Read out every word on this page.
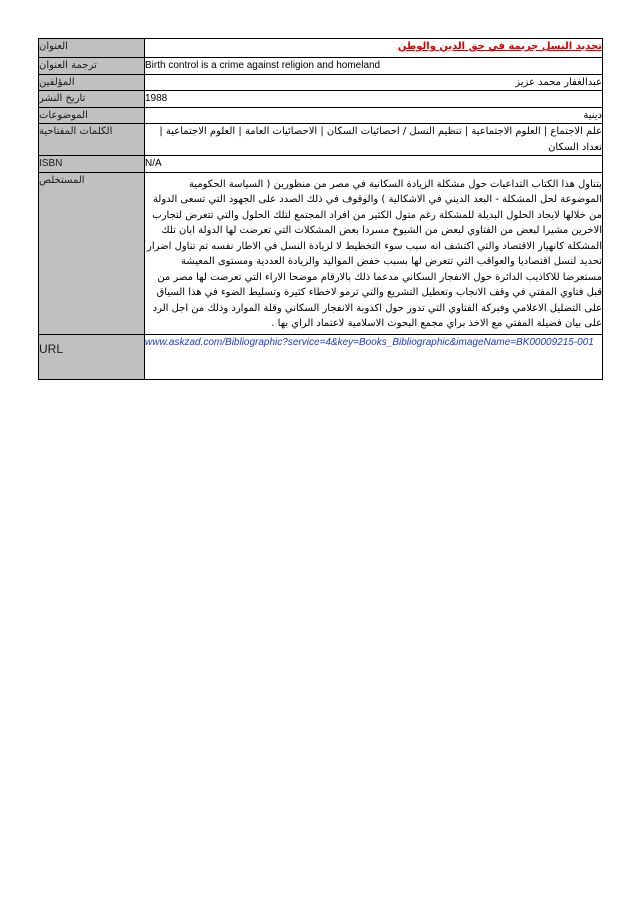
العنوان	تحديد النسل جريمة في حق الدين والوطن
ترجمة العنوان	Birth control is a crime against religion and homeland
المؤلفين	عبدالغفار محمد عزيز
تاريخ النشر	1988
الموضوعات	دينية
الكلمات المفتاحية	علم الاجتماع | العلوم الاجتماعية | تنظيم النسل / احصائيات السكان | الاحصائيات العامة | العلوم الاجتماعية | تعداد السكان
ISBN	N/A
المستخلص	يتناول هذا الكتاب التداعيات حول مشكلة الزيادة السكانية في مصر من منظورين ( السياسة الحكومية الموضوعة لحل المشكلة - البعد الديني في الاشكالية ) والوقوف في ذلك الصدد على الجهود التي تسعى الدولة من خلالها لايجاد الحلول البديلة للمشكلة رغم متول الكثير من افراد المجتمع لتلك الحلول والتي تتعرض لتجارب الاخرين مشيرا لبعض من الفتاوي لبعض من الشيوخ مسردا بعض المشكلات التي تعرضت لها الدولة ابان تلك المشكلة كانهيار الاقتصاد والتي اكتشف انه سبب سوء التخطيط لا لزيادة النسل في الاطار نفسه تم تناول اضرار تحديد لنسل اقتصاديا والعواقب التي تتعرض لها بسبب خفض المواليد والزيادة العددية ومستوى المعيشة مستعرضا للاكاذيب الدائرة حول الانفجار السكاني مدعما ذلك بالارقام موضحا الاراء التي تعرضت لها مصر من قبل فتاوي المفتي في وقف الانجاب وتعطيل التشريع والتي ترمو لاخطاء كثيرة وتسليط الضوء في هذا السياق على التضليل الاعلامي وفبركة الفتاوي التي تدور حول اكذوبة الانفجار السكاني وقلة الموارد وذلك من اجل الرد على بيان فضيلة المفتي مع الاخذ براي مجمع البحوث الاسلامية لاعتماد الراي بها .
URL	www.askzad.com/Bibliographic?service=4&key=Books_Bibliographic&imageName=BK00009215-001
